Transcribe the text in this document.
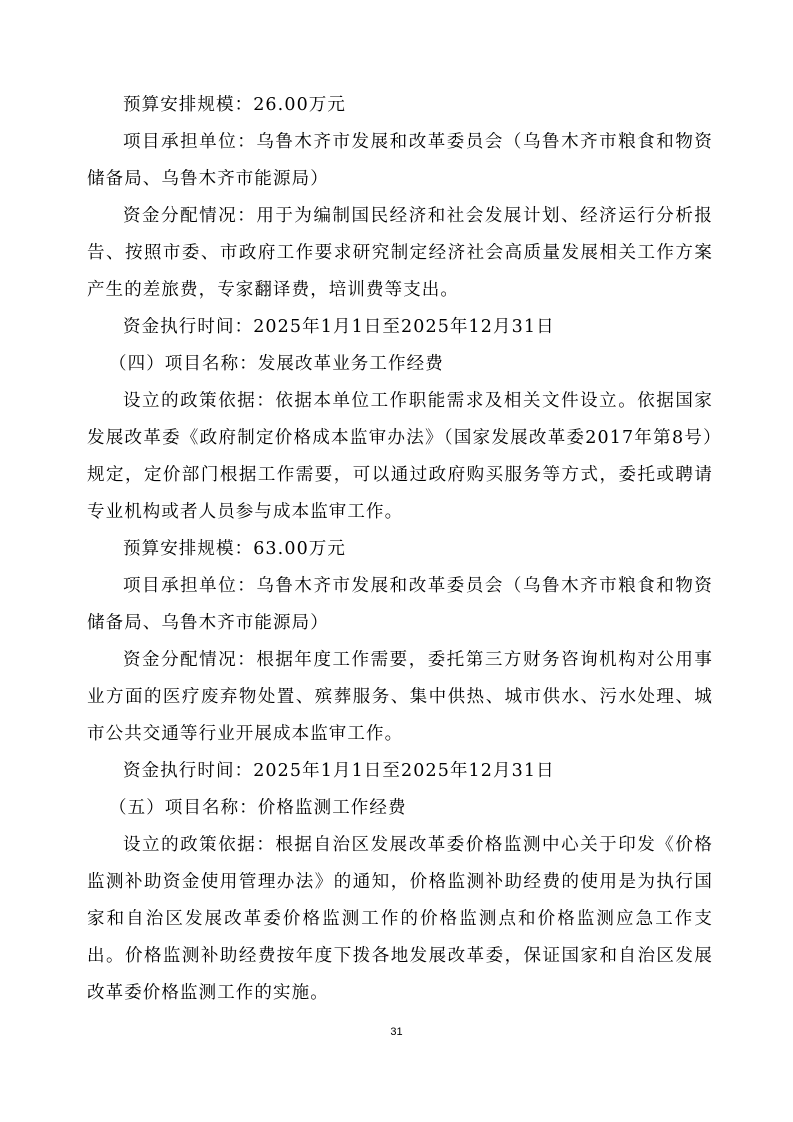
预算安排规模：26.00万元

项目承担单位：乌鲁木齐市发展和改革委员会（乌鲁木齐市粮食和物资储备局、乌鲁木齐市能源局）

资金分配情况：用于为编制国民经济和社会发展计划、经济运行分析报告、按照市委、市政府工作要求研究制定经济社会高质量发展相关工作方案产生的差旅费，专家翻译费，培训费等支出。

资金执行时间：2025年1月1日至2025年12月31日

（四）项目名称：发展改革业务工作经费

设立的政策依据：依据本单位工作职能需求及相关文件设立。依据国家发展改革委《政府制定价格成本监审办法》（国家发展改革委2017年第8号）规定，定价部门根据工作需要，可以通过政府购买服务等方式，委托或聘请专业机构或者人员参与成本监审工作。

预算安排规模：63.00万元

项目承担单位：乌鲁木齐市发展和改革委员会（乌鲁木齐市粮食和物资储备局、乌鲁木齐市能源局）

资金分配情况：根据年度工作需要，委托第三方财务咨询机构对公用事业方面的医疗废弃物处置、殡葬服务、集中供热、城市供水、污水处理、城市公共交通等行业开展成本监审工作。

资金执行时间：2025年1月1日至2025年12月31日

（五）项目名称：价格监测工作经费

设立的政策依据：根据自治区发展改革委价格监测中心关于印发《价格监测补助资金使用管理办法》的通知，价格监测补助经费的使用是为执行国家和自治区发展改革委价格监测工作的价格监测点和价格监测应急工作支出。价格监测补助经费按年度下拨各地发展改革委，保证国家和自治区发展改革委价格监测工作的实施。

31
